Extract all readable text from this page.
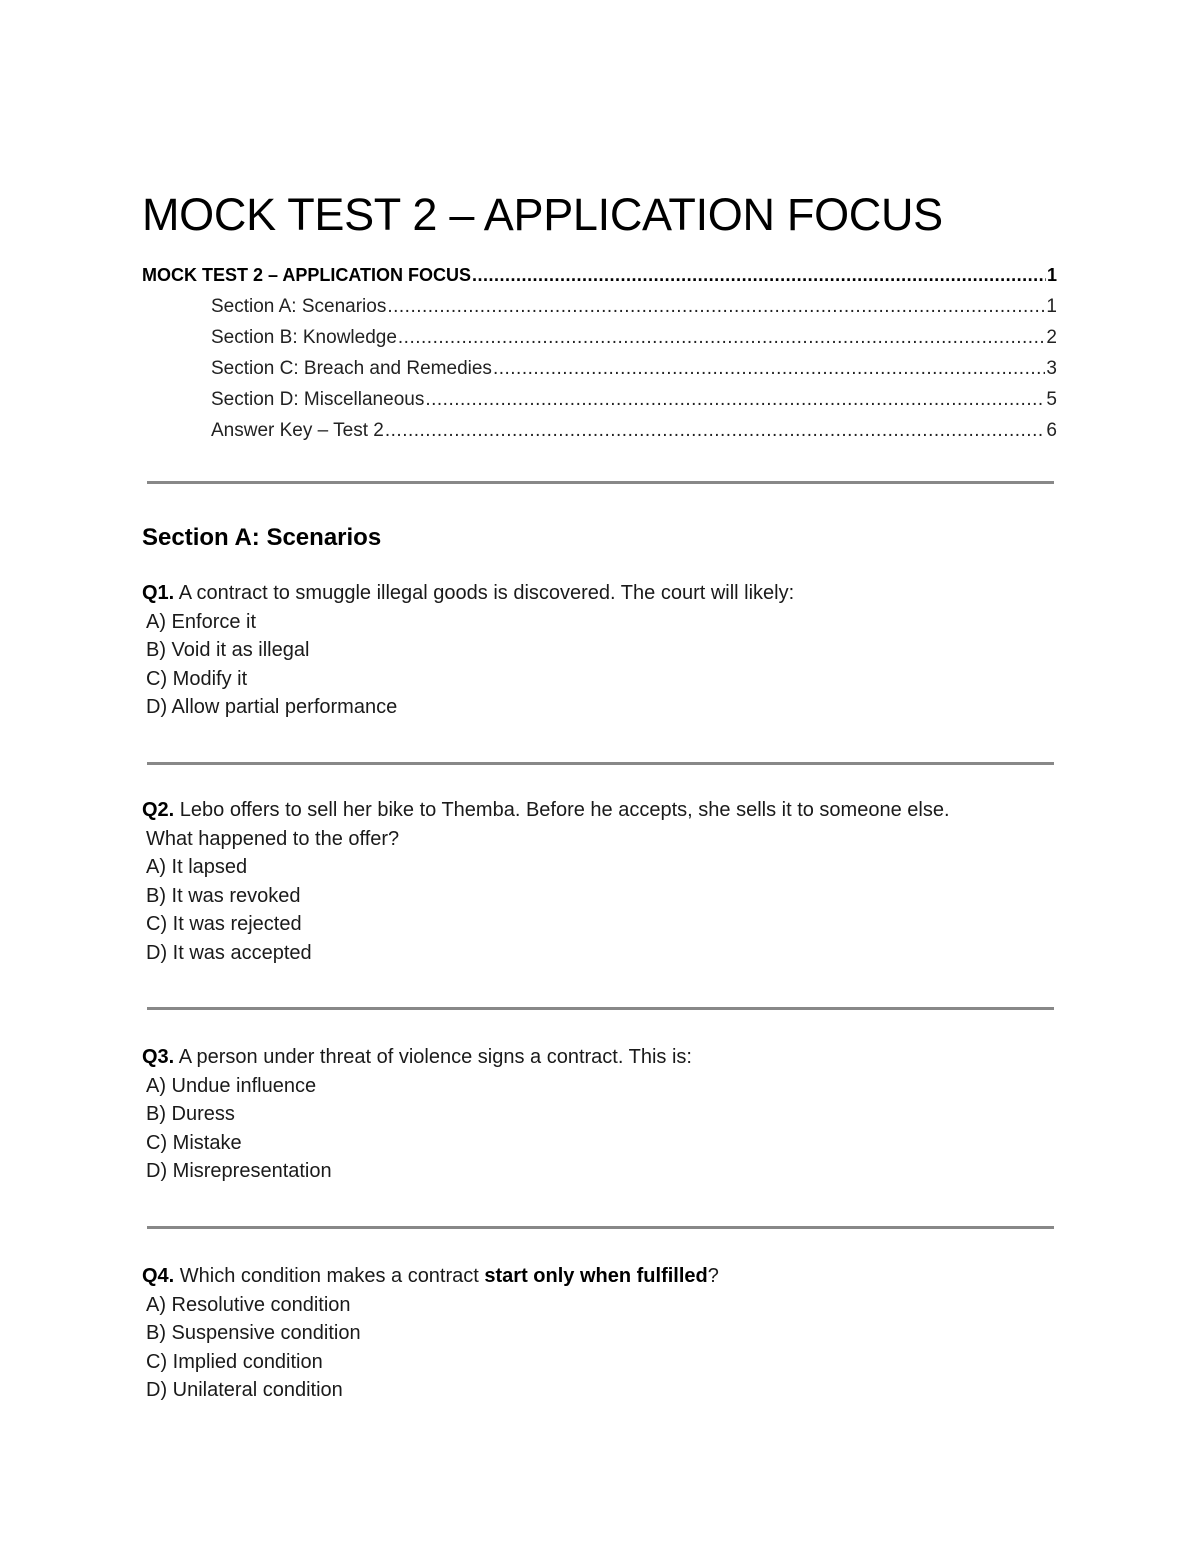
MOCK TEST 2 – APPLICATION FOCUS
MOCK TEST 2 – APPLICATION FOCUS .....	1
Section A: Scenarios .....	1
Section B: Knowledge .....	2
Section C: Breach and Remedies .....	3
Section D: Miscellaneous .....	5
Answer Key – Test 2 .....	6
Section A: Scenarios
Q1. A contract to smuggle illegal goods is discovered. The court will likely:
A) Enforce it
B) Void it as illegal
C) Modify it
D) Allow partial performance
Q2. Lebo offers to sell her bike to Themba. Before he accepts, she sells it to someone else.
What happened to the offer?
A) It lapsed
B) It was revoked
C) It was rejected
D) It was accepted
Q3. A person under threat of violence signs a contract. This is:
A) Undue influence
B) Duress
C) Mistake
D) Misrepresentation
Q4. Which condition makes a contract start only when fulfilled?
A) Resolutive condition
B) Suspensive condition
C) Implied condition
D) Unilateral condition
